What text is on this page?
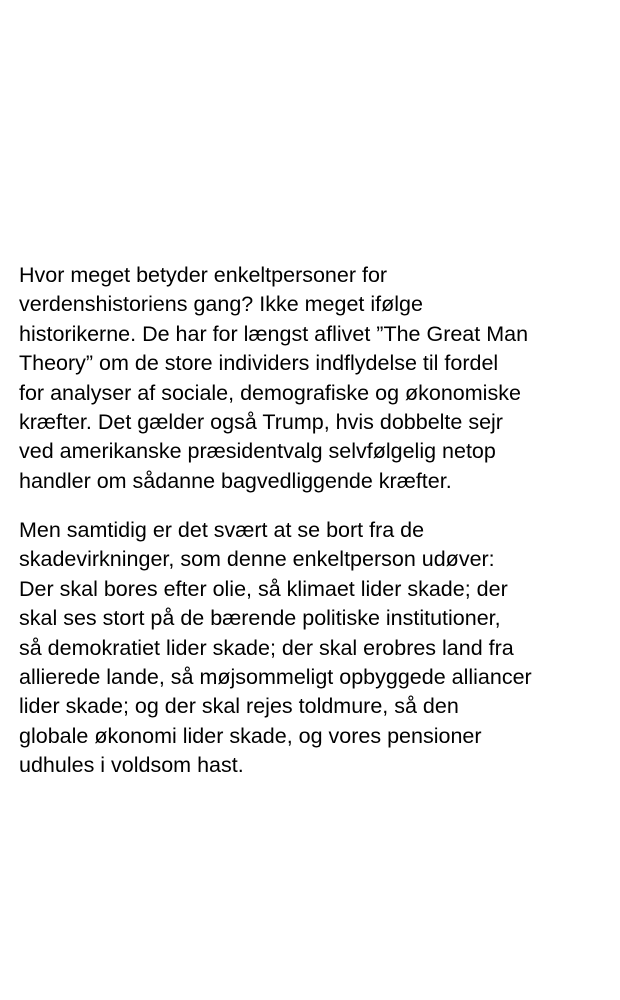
Hvor meget betyder enkeltpersoner for
verdenshistoriens gang? Ikke meget ifølge
historikerne. De har for længst aflivet ”The Great Man
Theory” om de store individers indflydelse til fordel
for analyser af sociale, demografiske og økonomiske
kræfter. Det gælder også Trump, hvis dobbelte sejr
ved amerikanske præsidentvalg selvfølgelig netop
handler om sådanne bagvedliggende kræfter.
Men samtidig er det svært at se bort fra de
skadevirkninger, som denne enkeltperson udøver:
Der skal bores efter olie, så klimaet lider skade; der
skal ses stort på de bærende politiske institutioner,
så demokratiet lider skade; der skal erobres land fra
allierede lande, så møjsommeligt opbyggede alliancer
lider skade; og der skal rejes toldmure, så den
globale økonomi lider skade, og vores pensioner
udhules i voldsom hast.
